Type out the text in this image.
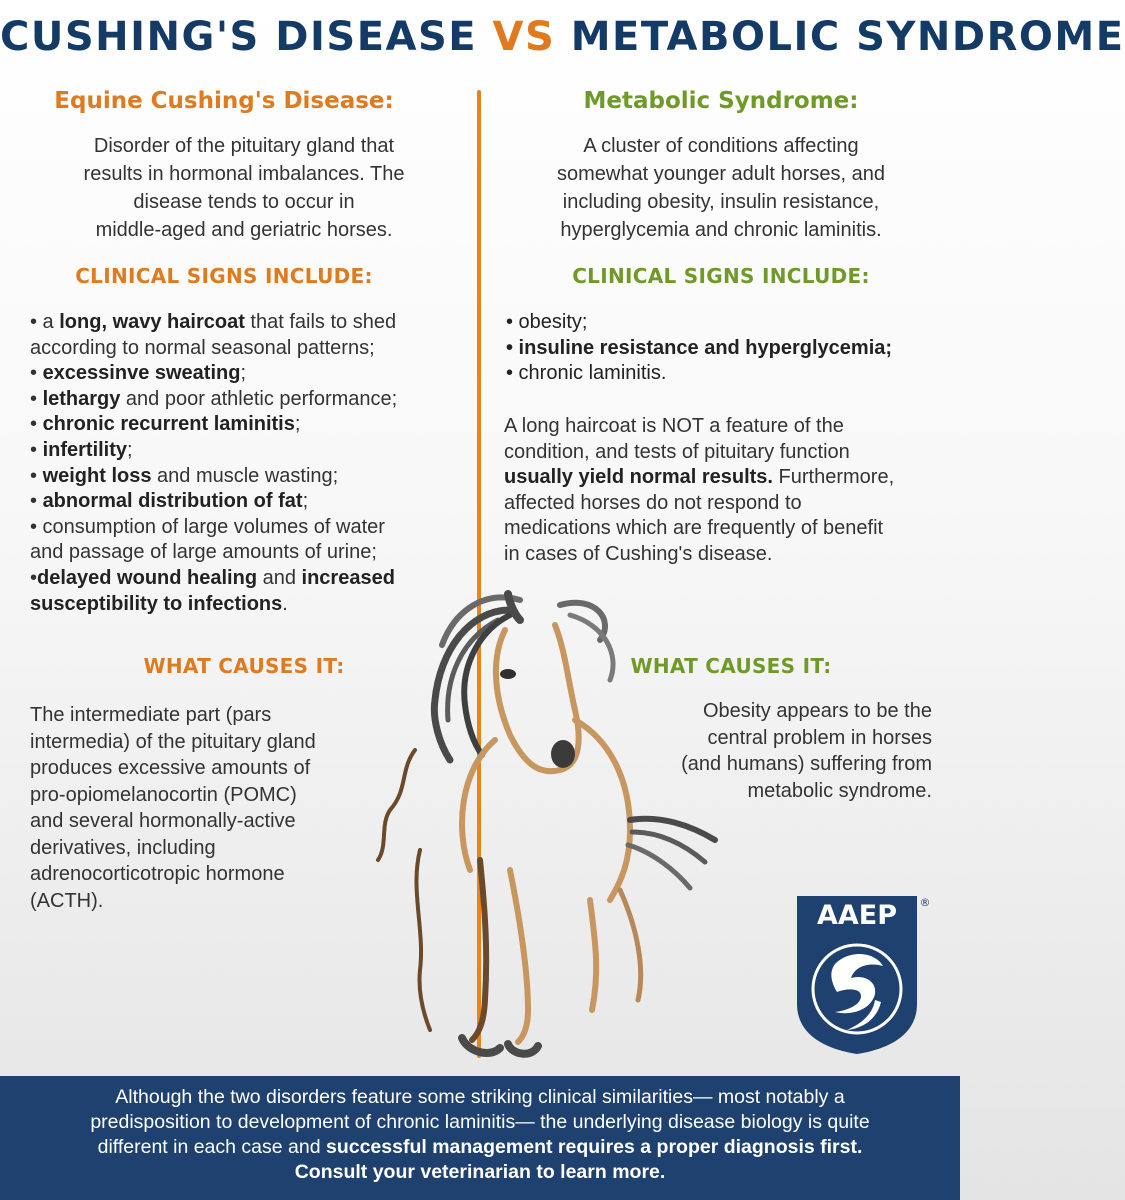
CUSHING'S DISEASE VS METABOLIC SYNDROME
Equine Cushing's Disease:
Disorder of the pituitary gland that
results in hormonal imbalances. The
disease tends to occur in
middle-aged and geriatric horses.
CLINICAL SIGNS INCLUDE:
• a long, wavy haircoat that fails to shed
according to normal seasonal patterns;
• excessinve sweating;
• lethargy and poor athletic performance;
• chronic recurrent laminitis;
• infertility;
• weight loss and muscle wasting;
• abnormal distribution of fat;
• consumption of large volumes of water
and passage of large amounts of urine;
•delayed wound healing and increased
susceptibility to infections.
WHAT CAUSES IT:
The intermediate part (pars
intermedia) of the pituitary gland
produces excessive amounts of
pro-opiomelanocortin (POMC)
and several hormonally-active
derivatives, including
adrenocorticotropic hormone
(ACTH).
Metabolic Syndrome:
A cluster of conditions affecting
somewhat younger adult horses, and
including obesity, insulin resistance,
hyperglycemia and chronic laminitis.
CLINICAL SIGNS INCLUDE:
• obesity;
• insuline resistance and hyperglycemia;
• chronic laminitis.
A long haircoat is NOT a feature of the
condition, and tests of pituitary function
usually yield normal results. Furthermore,
affected horses do not respond to
medications which are frequently of benefit
in cases of Cushing's disease.
WHAT CAUSES IT:
Obesity appears to be the
central problem in horses
(and humans) suffering from
metabolic syndrome.
AAEP ®
Although the two disorders feature some striking clinical similarities— most notably a
predisposition to development of chronic laminitis— the underlying disease biology is quite
different in each case and successful management requires a proper diagnosis first.
Consult your veterinarian to learn more.
